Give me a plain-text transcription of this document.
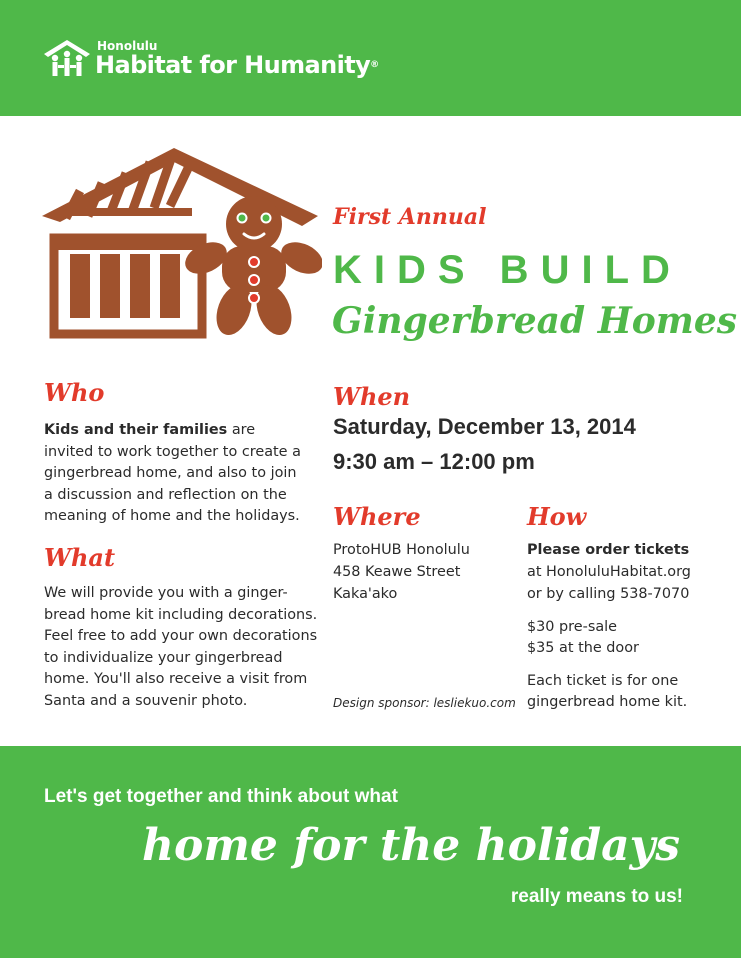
Honolulu
Habitat for Humanity®
First Annual
KIDS BUILD
Gingerbread Homes
Who
Kids and their families are invited to work together to create a gingerbread home, and also to join a discussion and reflection on the meaning of home and the holidays.
What
We will provide you with a ginger-bread home kit including decorations. Feel free to add your own decorations to individualize your gingerbread home. You'll also receive a visit from Santa and a souvenir photo.
When
Saturday, December 13, 2014
9:30 am – 12:00 pm
Where
ProtoHUB Honolulu
458 Keawe Street
Kaka'ako
How
Please order tickets
at HonoluluHabitat.org
or by calling 538-7070
$30 pre-sale
$35 at the door
Each ticket is for one
gingerbread home kit.
Design sponsor: lesliekuo.com
Let's get together and think about what
home for the holidays
really means to us!
